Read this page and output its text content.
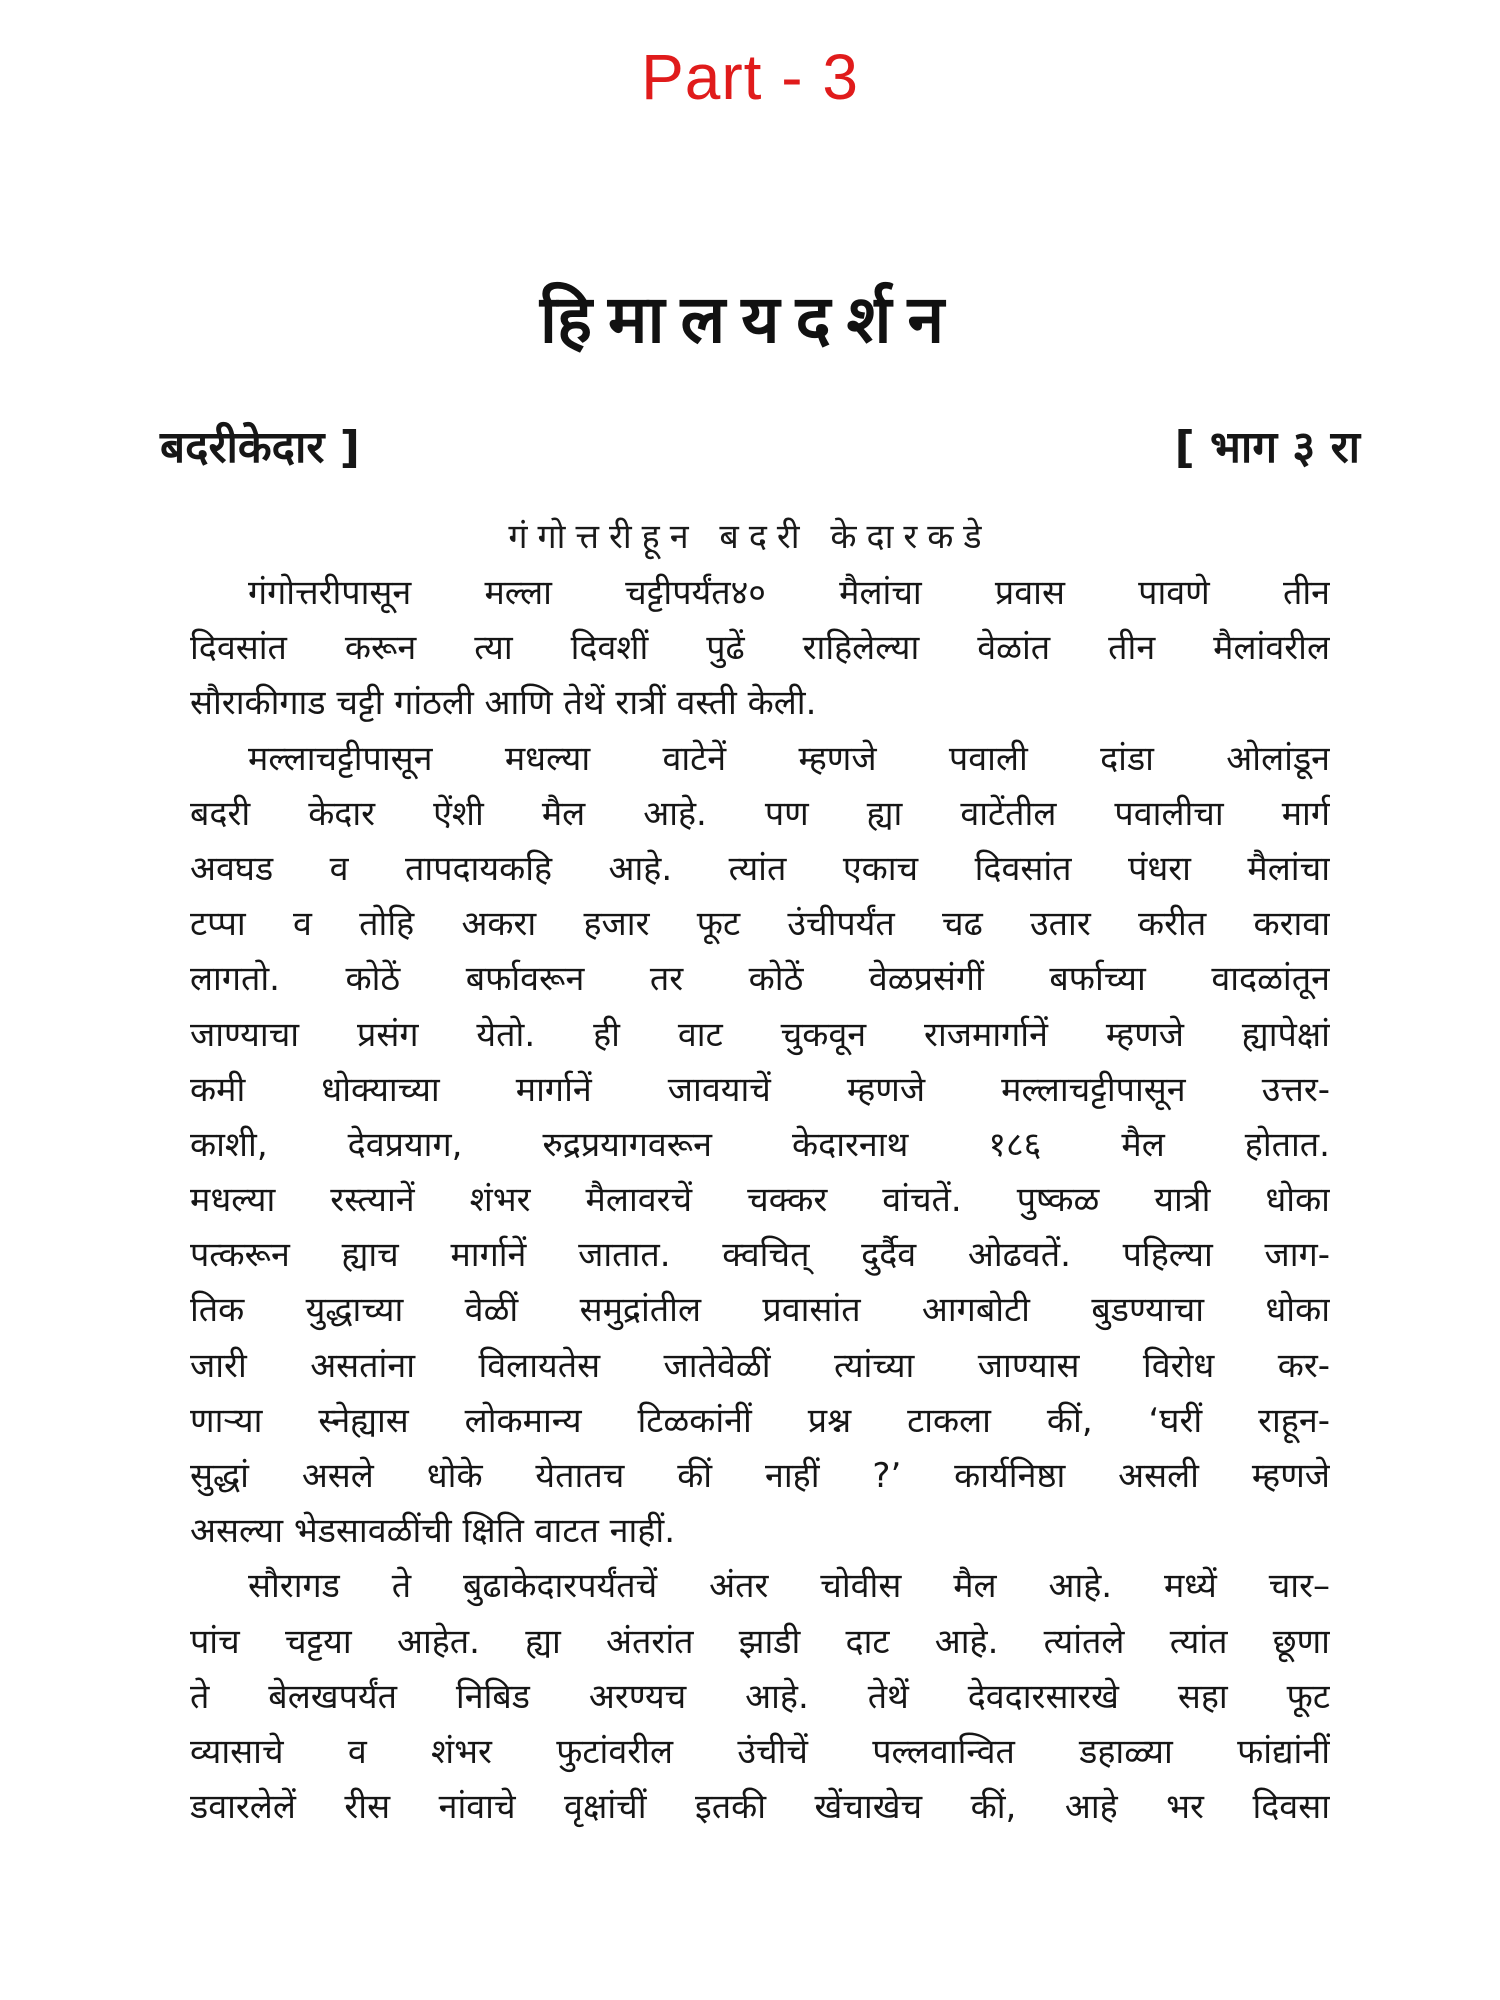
Part - 3
हिमालयदर्शन
बदरीकेदार ]	[ भाग ३ रा
गंगोत्तरीहून बदरी केदारकडे
गंगोत्तरीपासून मल्ला चट्टीपर्यंत४० मैलांचा प्रवास पावणे तीन
दिवसांत करून त्या दिवशीं पुढें राहिलेल्या वेळांत तीन मैलांवरील
सौराकीगाड चट्टी गांठली आणि तेथें रात्रीं वस्ती केली.
मल्लाचट्टीपासून मधल्या वाटेनें म्हणजे पवाली दांडा ओलांडून
बदरी केदार ऐंशी मैल आहे. पण ह्या वाटेंतील पवालीचा मार्ग
अवघड व तापदायकहि आहे. त्यांत एकाच दिवसांत पंधरा मैलांचा
टप्पा व तोहि अकरा हजार फूट उंचीपर्यंत चढ उतार करीत करावा
लागतो. कोठें बर्फावरून तर कोठें वेळप्रसंगीं बर्फाच्या वादळांतून
जाण्याचा प्रसंग येतो. ही वाट चुकवून राजमार्गानें म्हणजे ह्यापेक्षां
कमी धोक्याच्या मार्गानें जावयाचें म्हणजे मल्लाचट्टीपासून उत्तर-
काशी, देवप्रयाग, रुद्रप्रयागवरून केदारनाथ १८६ मैल होतात.
मधल्या रस्त्यानें शंभर मैलावरचें चक्कर वांचतें. पुष्कळ यात्री धोका
पत्करून ह्याच मार्गानें जातात. क्वचित् दुर्दैव ओढवतें. पहिल्या जाग-
तिक युद्धाच्या वेळीं समुद्रांतील प्रवासांत आगबोटी बुडण्याचा धोका
जारी असतांना विलायतेस जातेवेळीं त्यांच्या जाण्यास विरोध कर-
णाऱ्या स्नेह्यास लोकमान्य टिळकांनीं प्रश्न टाकला कीं, ‘घरीं राहून-
सुद्धां असले धोके येतातच कीं नाहीं ?’ कार्यनिष्ठा असली म्हणजे
असल्या भेडसावळींची क्षिति वाटत नाहीं.
सौरागड ते बुढाकेदारपर्यंतचें अंतर चोवीस मैल आहे. मध्यें चार–
पांच चट्टया आहेत. ह्या अंतरांत झाडी दाट आहे. त्यांतले त्यांत छूणा
ते बेलखपर्यंत निबिड अरण्यच आहे. तेथें देवदारसारखे सहा फूट
व्यासाचे व शंभर फुटांवरील उंचीचें पल्लवान्वित डहाळ्या फांद्यांनीं
डवारलेलें रीस नांवाचे वृक्षांचीं इतकी खेंचाखेच कीं, आहे भर दिवसा
